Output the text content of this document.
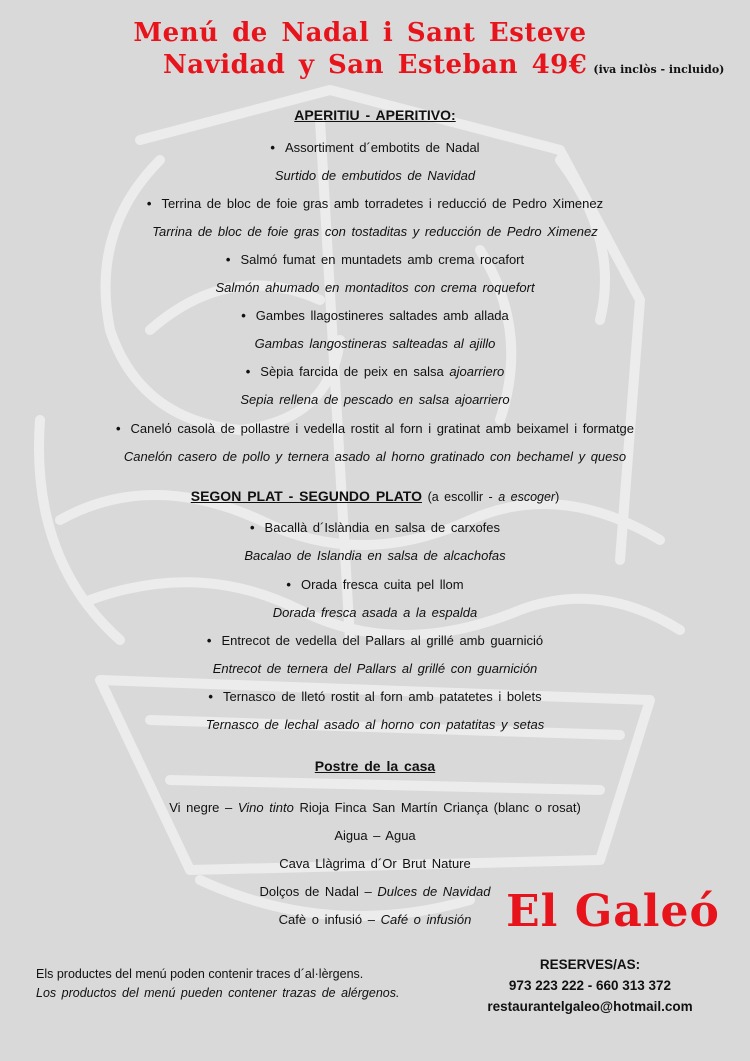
Menú de Nadal i Sant Esteve
Navidad y San Esteban 49€ (iva inclòs - incluido)
APERITIU - APERITIVO:
• Assortiment d´embotits de Nadal
Surtido de embutidos de Navidad
• Terrina de bloc de foie gras amb torradetes i reducció de Pedro Ximenez
Tarrina de bloc de foie gras con tostaditas y reducción de Pedro Ximenez
• Salmó fumat en muntadets amb crema rocafort
Salmón ahumado en montaditos con crema roquefort
• Gambes llagostineres saltades amb allada
Gambas langostineras salteadas al ajillo
• Sèpia farcida de peix en salsa ajoarriero
Sepia rellena de pescado en salsa ajoarriero
• Canelό casolà de pollastre i vedella rostit al forn i gratinat amb beixamel i formatge
Canelón casero de pollo y ternera asado al horno gratinado con bechamel y queso
SEGON PLAT - SEGUNDO PLATO (a escollir - a escoger)
• Bacallà d´Islàndia en salsa de carxofes
Bacalao de Islandia en salsa de alcachofas
• Orada fresca cuita pel llom
Dorada fresca asada a la espalda
• Entrecot de vedella del Pallars al grillé amb guarnició
Entrecot de ternera del Pallars al grillé con guarnición
• Ternasco de lletó rostit al forn amb patatetes i bolets
Ternasco de lechal asado al horno con patatitas y setas
Postre de la casa
Vi negre – Vino tinto Rioja Finca San Martín Criança (blanc o rosat)
Aigua – Agua
Cava Llàgrima d´Or Brut Nature
Dolços de Nadal – Dulces de Navidad
Cafè o infusió – Café o infusión El Galeó
RESERVES/AS:
973 223 222 - 660 313 372
restaurantelgaleo@hotmail.com
Els productes del menú poden contenir traces d´al·lèrgens.
Los productos del menú pueden contener trazas de alérgenos.
